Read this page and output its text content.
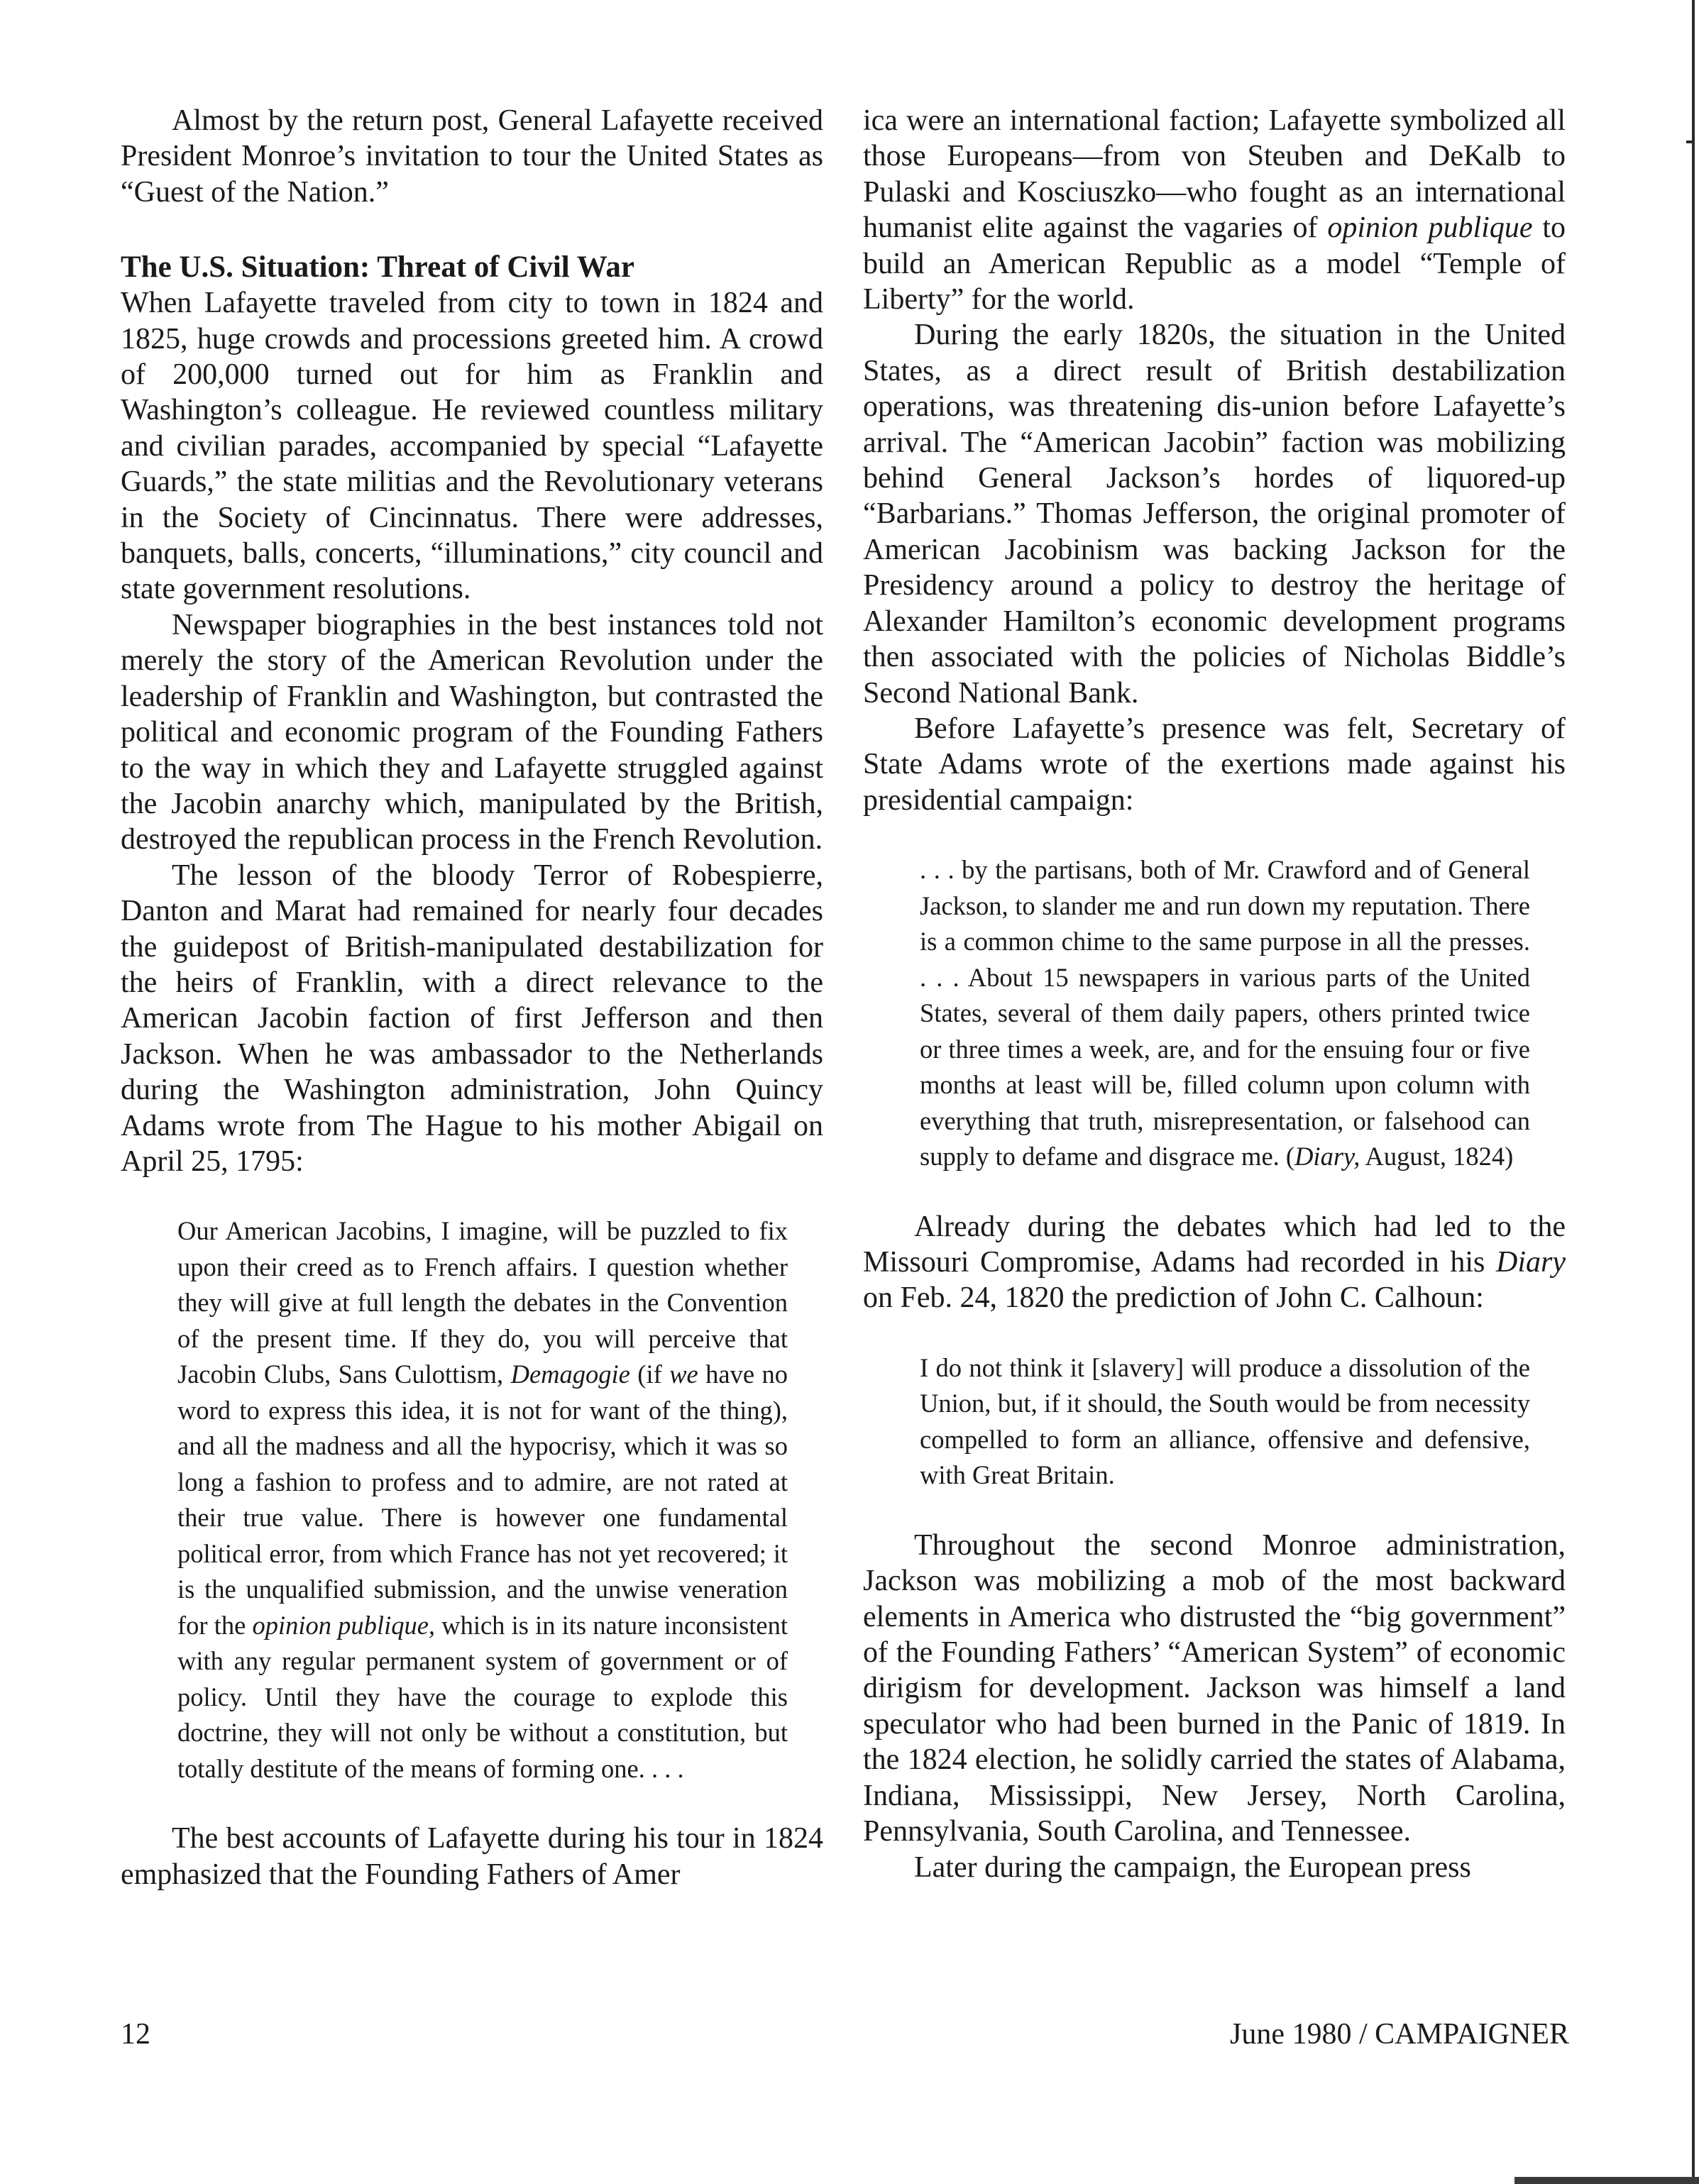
Almost by the return post, General Lafayette received President Monroe’s invitation to tour the United States as “Guest of the Nation.”

The U.S. Situation: Threat of Civil War

When Lafayette traveled from city to town in 1824 and 1825, huge crowds and processions greeted him. A crowd of 200,000 turned out for him as Franklin and Washington’s colleague. He reviewed countless military and civilian parades, accompanied by special “Lafayette Guards,” the state militias and the Revolutionary veterans in the Society of Cincinnatus. There were addresses, banquets, balls, concerts, “illuminations,” city council and state government resolutions.

Newspaper biographies in the best instances told not merely the story of the American Revolution under the leadership of Franklin and Washington, but contrasted the political and economic program of the Founding Fathers to the way in which they and Lafayette struggled against the Jacobin anarchy which, manipulated by the British, destroyed the republican process in the French Revolution.

The lesson of the bloody Terror of Robespierre, Danton and Marat had remained for nearly four decades the guidepost of British-manipulated destabilization for the heirs of Franklin, with a direct relevance to the American Jacobin faction of first Jefferson and then Jackson. When he was ambassador to the Netherlands during the Washington administration, John Quincy Adams wrote from The Hague to his mother Abigail on April 25, 1795:

Our American Jacobins, I imagine, will be puzzled to fix upon their creed as to French affairs. I question whether they will give at full length the debates in the Convention of the present time. If they do, you will perceive that Jacobin Clubs, Sans Culottism, Demagogie (if we have no word to express this idea, it is not for want of the thing), and all the madness and all the hypocrisy, which it was so long a fashion to profess and to admire, are not rated at their true value. There is however one fundamental political error, from which France has not yet recovered; it is the unqualified submission, and the unwise veneration for the opinion publique, which is in its nature inconsistent with any regular permanent system of government or of policy. Until they have the courage to explode this doctrine, they will not only be without a constitution, but totally destitute of the means of forming one. . . .

The best accounts of Lafayette during his tour in 1824 emphasized that the Founding Fathers of Amer

ica were an international faction; Lafayette symbolized all those Europeans—from von Steuben and DeKalb to Pulaski and Kosciuszko—who fought as an international humanist elite against the vagaries of opinion publique to build an American Republic as a model “Temple of Liberty” for the world.

During the early 1820s, the situation in the United States, as a direct result of British destabilization operations, was threatening dis-union before Lafayette’s arrival. The “American Jacobin” faction was mobilizing behind General Jackson’s hordes of liquored-up “Barbarians.” Thomas Jefferson, the original promoter of American Jacobinism was backing Jackson for the Presidency around a policy to destroy the heritage of Alexander Hamilton’s economic development programs then associated with the policies of Nicholas Biddle’s Second National Bank.

Before Lafayette’s presence was felt, Secretary of State Adams wrote of the exertions made against his presidential campaign:

. . . by the partisans, both of Mr. Crawford and of General Jackson, to slander me and run down my reputation. There is a common chime to the same purpose in all the presses. . . . About 15 newspapers in various parts of the United States, several of them daily papers, others printed twice or three times a week, are, and for the ensuing four or five months at least will be, filled column upon column with everything that truth, misrepresentation, or falsehood can supply to defame and disgrace me. (Diary, August, 1824)

Already during the debates which had led to the Missouri Compromise, Adams had recorded in his Diary on Feb. 24, 1820 the prediction of John C. Calhoun:

I do not think it [slavery] will produce a dissolution of the Union, but, if it should, the South would be from necessity compelled to form an alliance, offensive and defensive, with Great Britain.

Throughout the second Monroe administration, Jackson was mobilizing a mob of the most backward elements in America who distrusted the “big government” of the Founding Fathers’ “American System” of economic dirigism for development. Jackson was himself a land speculator who had been burned in the Panic of 1819. In the 1824 election, he solidly carried the states of Alabama, Indiana, Mississippi, New Jersey, North Carolina, Pennsylvania, South Carolina, and Tennessee.

Later during the campaign, the European press

12	June 1980 / CAMPAIGNER
